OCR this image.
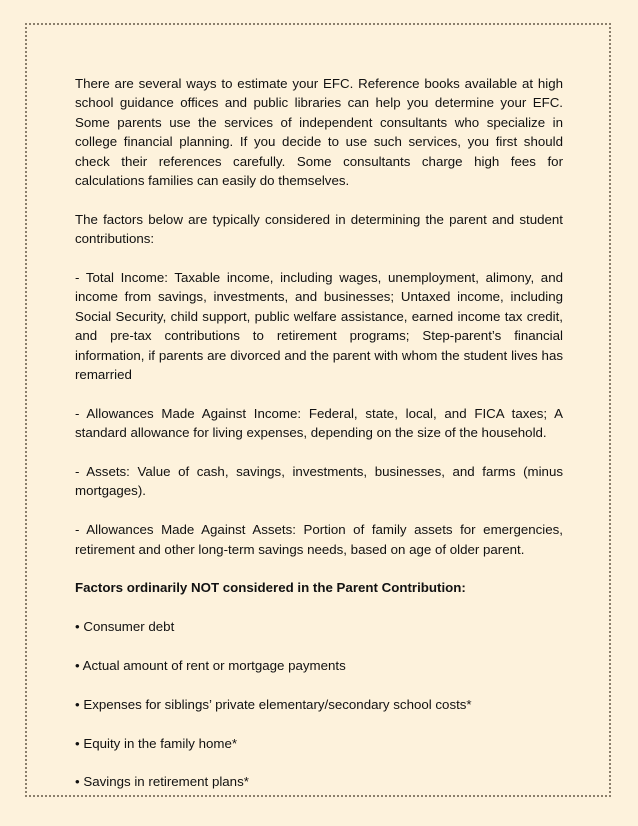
There are several ways to estimate your EFC. Reference books available at high school guidance offices and public libraries can help you determine your EFC. Some parents use the services of independent consultants who specialize in college financial planning. If you decide to use such services, you first should check their references carefully. Some consultants charge high fees for calculations families can easily do themselves.

The factors below are typically considered in determining the parent and student contributions:

- Total Income: Taxable income, including wages, unemployment, alimony, and income from savings, investments, and businesses; Untaxed income, including Social Security, child support, public welfare assistance, earned income tax credit, and pre-tax contributions to retirement programs; Step-parent’s financial information, if parents are divorced and the parent with whom the student lives has remarried

- Allowances Made Against Income: Federal, state, local, and FICA taxes; A standard allowance for living expenses, depending on the size of the household.

- Assets: Value of cash, savings, investments, businesses, and farms (minus mortgages).

- Allowances Made Against Assets: Portion of family assets for emergencies, retirement and other long-term savings needs, based on age of older parent.

Factors ordinarily NOT considered in the Parent Contribution:

• Consumer debt

• Actual amount of rent or mortgage payments

• Expenses for siblings’ private elementary/secondary school costs*

• Equity in the family home*

• Savings in retirement plans*
